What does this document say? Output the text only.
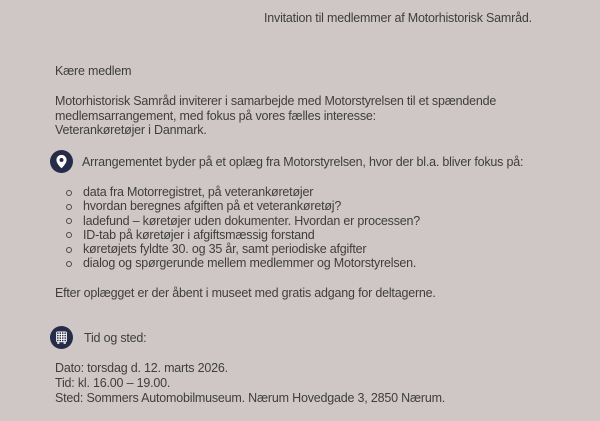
Invitation til medlemmer af Motorhistorisk Samråd.
Kære medlem
Motorhistorisk Samråd inviterer i samarbejde med Motorstyrelsen til et spændende
medlemsarrangement, med fokus på vores fælles interesse:
Veterankøretøjer i Danmark.
Arrangementet byder på et oplæg fra Motorstyrelsen, hvor der bl.a. bliver fokus på:
data fra Motorregistret, på veterankøretøjer
hvordan beregnes afgiften på et veterankøretøj?
ladefund – køretøjer uden dokumenter. Hvordan er processen?
ID-tab på køretøjer i afgiftsmæssig forstand
køretøjets fyldte 30. og 35 år, samt periodiske afgifter
dialog og spørgerunde mellem medlemmer og Motorstyrelsen.
Efter oplægget er der åbent i museet med gratis adgang for deltagerne.
Tid og sted:
Dato: torsdag d. 12. marts 2026.
Tid: kl. 16.00 – 19.00.
Sted: Sommers Automobilmuseum. Nærum Hovedgade 3, 2850 Nærum.
